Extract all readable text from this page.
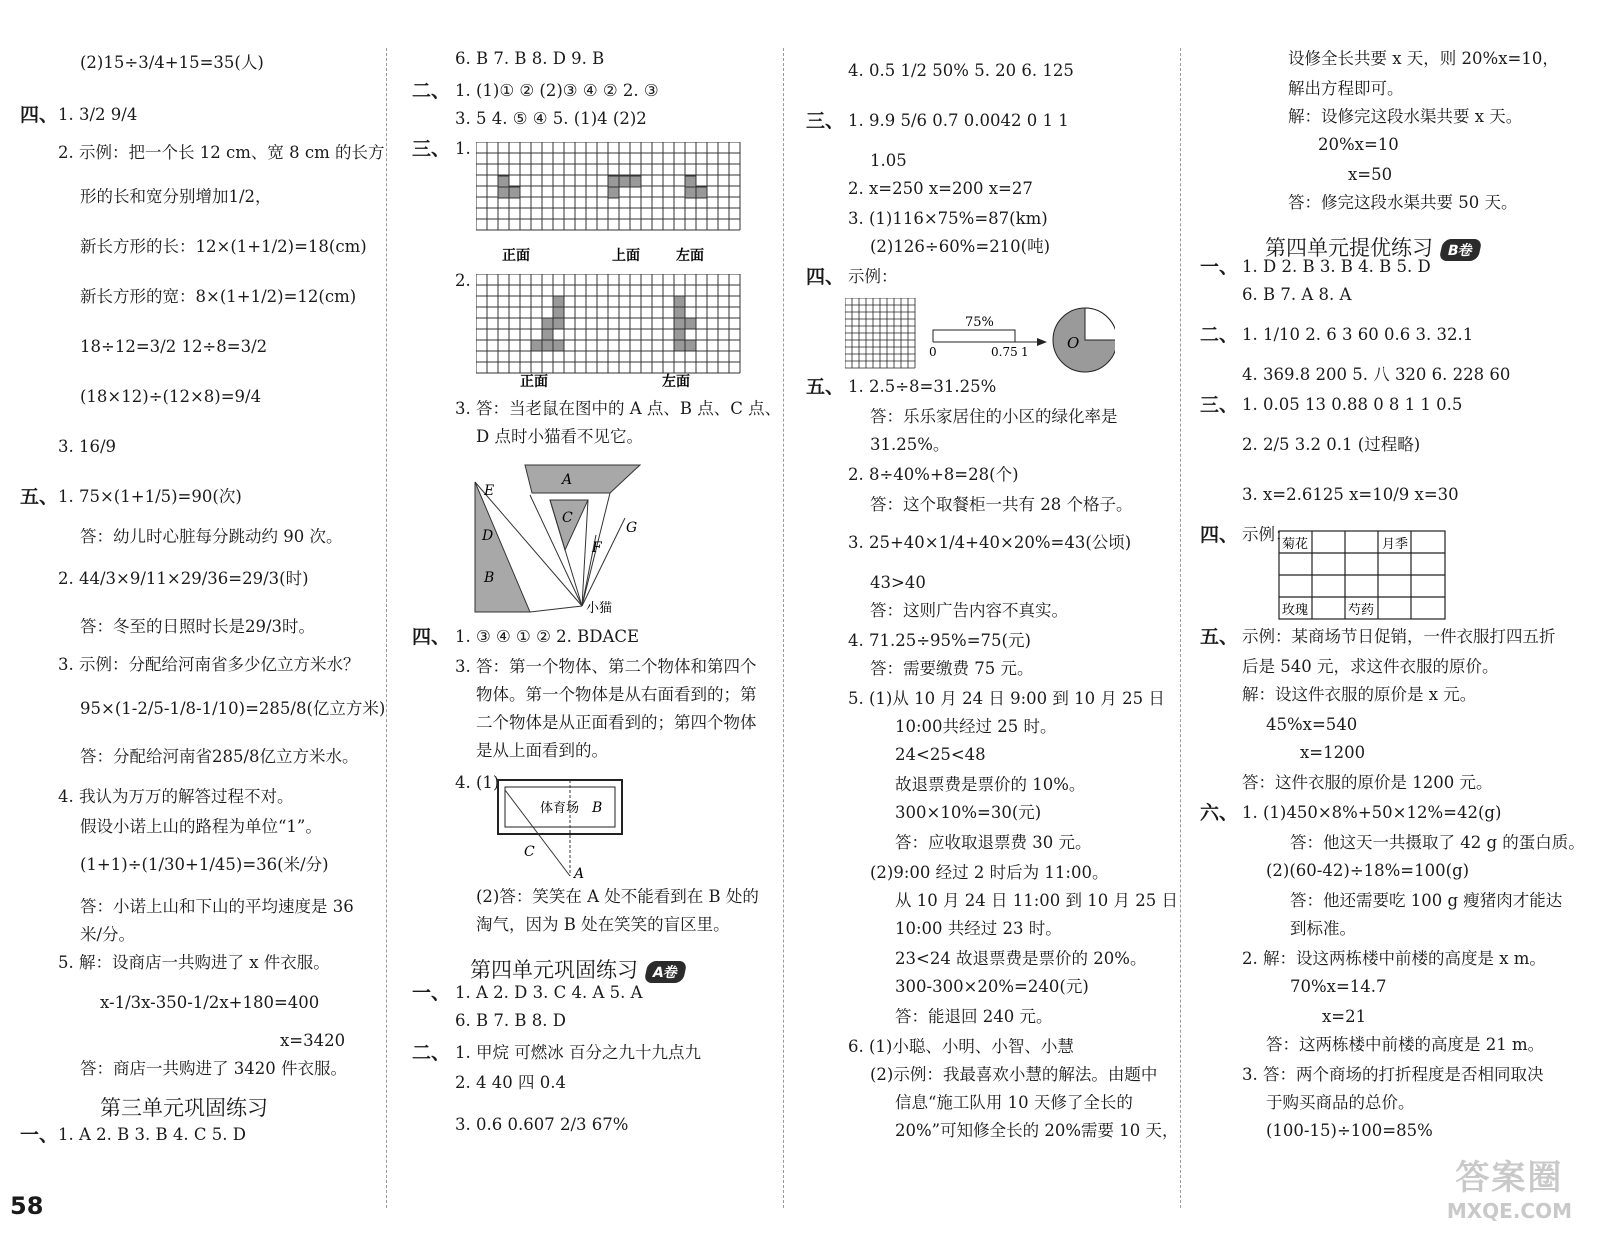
(2)15÷3/4+15=35(人)
四、 1. 3/2 9/4
2. 示例：把一个长 12 cm、宽 8 cm 的长方
形的长和宽分别增加1/2，
新长方形的长：12×(1+1/2)=18(cm)
新长方形的宽：8×(1+1/2)=12(cm)
18÷12=3/2 12÷8=3/2
(18×12)÷(12×8)=9/4
3. 16/9
五、 1. 75×(1+1/5)=90(次)
答：幼儿时心脏每分跳动约 90 次。
2. 44/3×9/11×29/36=29/3(时)
答：冬至的日照时长是29/3时。
3. 示例：分配给河南省多少亿立方米水？
95×(1-2/5-1/8-1/10)=285/8(亿立方米)
答：分配给河南省285/8亿立方米水。
4. 我认为万万的解答过程不对。
假设小诺上山的路程为单位“1”。
(1+1)÷(1/30+1/45)=36(米/分)
答：小诺上山和下山的平均速度是 36
米/分。
5. 解：设商店一共购进了 x 件衣服。
x-1/3x-350-1/2x+180=400
x=3420
答：商店一共购进了 3420 件衣服。
一、 1. A 2. B 3. B 4. C 5. D
6. B 7. B 8. D 9. B
二、 1. (1)① ② (2)③ ④ ② 2. ③
3. 5 4. ⑤ ④ 5. (1)4 (2)2
三、 1.
2.
3. 答：当老鼠在图中的 A 点、B 点、C 点、
D 点时小猫看不见它。
四、 1. ③ ④ ① ② 2. BDACE
3. 答：第一个物体、第二个物体和第四个
物体。第一个物体是从右面看到的；第
二个物体是从正面看到的；第四个物体
是从上面看到的。
4. (1)
(2)答：笑笑在 A 处不能看到在 B 处的
淘气，因为 B 处在笑笑的盲区里。
一、 1. A 2. D 3. C 4. A 5. A
6. B 7. B 8. D
二、 1. 甲烷 可燃冰 百分之九十九点九
2. 4 40 四 0.4
3. 0.6 0.607 2/3 67%
4. 0.5 1/2 50% 5. 20 6. 125
三、 1. 9.9 5/6 0.7 0.0042 0 1 1
1.05
2. x=250 x=200 x=27
3. (1)116×75%=87(km)
(2)126÷60%=210(吨)
四、 示例：
五、 1. 2.5÷8=31.25%
答：乐乐家居住的小区的绿化率是
31.25%。
2. 8÷40%+8=28(个)
答：这个取餐柜一共有 28 个格子。
3. 25+40×1/4+40×20%=43(公顷)
43>40
答：这则广告内容不真实。
4. 71.25÷95%=75(元)
答：需要缴费 75 元。
5. (1)从 10 月 24 日 9:00 到 10 月 25 日
10:00共经过 25 时。
24<25<48
故退票费是票价的 10%。
300×10%=30(元)
答：应收取退票费 30 元。
(2)9:00 经过 2 时后为 11:00。
从 10 月 24 日 11:00 到 10 月 25 日
10:00 共经过 23 时。
23<24 故退票费是票价的 20%。
300-300×20%=240(元)
答：能退回 240 元。
6. (1)小聪、小明、小智、小慧
(2)示例：我最喜欢小慧的解法。由题中
信息“施工队用 10 天修了全长的
20%”可知修全长的 20%需要 10 天，
设修全长共要 x 天，则 20%x=10，
解出方程即可。
解：设修完这段水渠共要 x 天。
20%x=10
x=50
答：修完这段水渠共要 50 天。
一、 1. D 2. B 3. B 4. B 5. D
6. B 7. A 8. A
二、 1. 1/10 2. 6 3 60 0.6 3. 32.1
4. 369.8 200 5. 八 320 6. 228 60
三、 1. 0.05 13 0.88 0 8 1 1 0.5
2. 2/5 3.2 0.1 (过程略)
3. x=2.6125 x=10/9 x=30
四、 示例：
五、 示例：某商场节日促销，一件衣服打四五折
后是 540 元，求这件衣服的原价。
解：设这件衣服的原价是 x 元。
45%x=540
x=1200
答：这件衣服的原价是 1200 元。
六、 1. (1)450×8%+50×12%=42(g)
答：他这天一共摄取了 42 g 的蛋白质。
(2)(60-42)÷18%=100(g)
答：他还需要吃 100 g 瘦猪肉才能达
到标准。
2. 解：设这两栋楼中前楼的高度是 x m。
70%x=14.7
x=21
答：这两栋楼中前楼的高度是 21 m。
3. 答：两个商场的打折程度是否相同取决
于购买商品的总价。
(100-15)÷100=85%
第三单元巩固练习
第四单元巩固练习 A卷
第四单元提优练习 B卷
正面	上面	左面
正面	左面
A
E
D
B
C
F
G
小猫
体育场 B
C
A
75%
0	0.75 1	O
菊花	月季
玫瑰	芍药
58
答案圈
MXQE.COM
